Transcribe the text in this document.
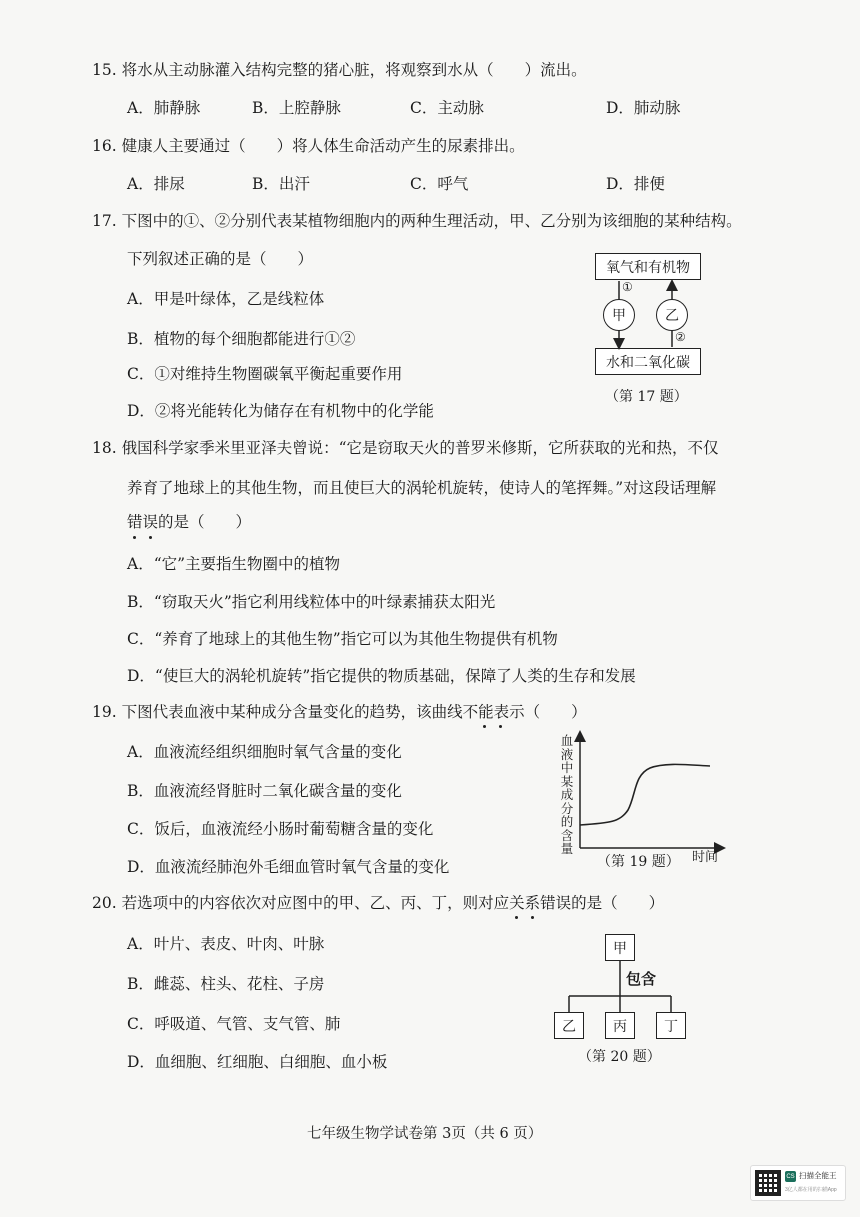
15. 将水从主动脉灌入结构完整的猪心脏，将观察到水从（　　）流出。
A．肺静脉	B．上腔静脉	C．主动脉	D．肺动脉
16. 健康人主要通过（　　）将人体生命活动产生的尿素排出。
A．排尿	B．出汗	C．呼气	D．排便
17. 下图中的①、②分别代表某植物细胞内的两种生理活动，甲、乙分别为该细胞的某种结构。
下列叙述正确的是（　　）
A．甲是叶绿体，乙是线粒体
B．植物的每个细胞都能进行①②
C．①对维持生物圈碳氧平衡起重要作用
D．②将光能转化为储存在有机物中的化学能
氧气和有机物
水和二氧化碳
甲	乙
①
②
（第 17 题）
18. 俄国科学家季米里亚泽夫曾说：“它是窃取天火的普罗米修斯，它所获取的光和热，不仅
养育了地球上的其他生物，而且使巨大的涡轮机旋转，使诗人的笔挥舞。”对这段话理解
错误的是（　　）
A．“它”主要指生物圈中的植物
B．“窃取天火”指它利用线粒体中的叶绿素捕获太阳光
C．“养育了地球上的其他生物”指它可以为其他生物提供有机物
D．“使巨大的涡轮机旋转”指它提供的物质基础，保障了人类的生存和发展
19. 下图代表血液中某种成分含量变化的趋势，该曲线不能表示（　　）
A．血液流经组织细胞时氧气含量的变化
B．血液流经肾脏时二氧化碳含量的变化
C．饭后，血液流经小肠时葡萄糖含量的变化
D．血液流经肺泡外毛细血管时氧气含量的变化
血
液
中
某
成
分
的
含
量
（第 19 题） 时间
20. 若选项中的内容依次对应图中的甲、乙、丙、丁，则对应关系错误的是（　　）
A．叶片、表皮、叶肉、叶脉
B．雌蕊、柱头、花柱、子房
C．呼吸道、气管、支气管、肺
D．血细胞、红细胞、白细胞、血小板
甲
包含
乙	丙	丁
（第 20 题）
七年级生物学试卷第 3页（共 6 页）
CS 扫描全能王
3亿人都在用的扫描App
